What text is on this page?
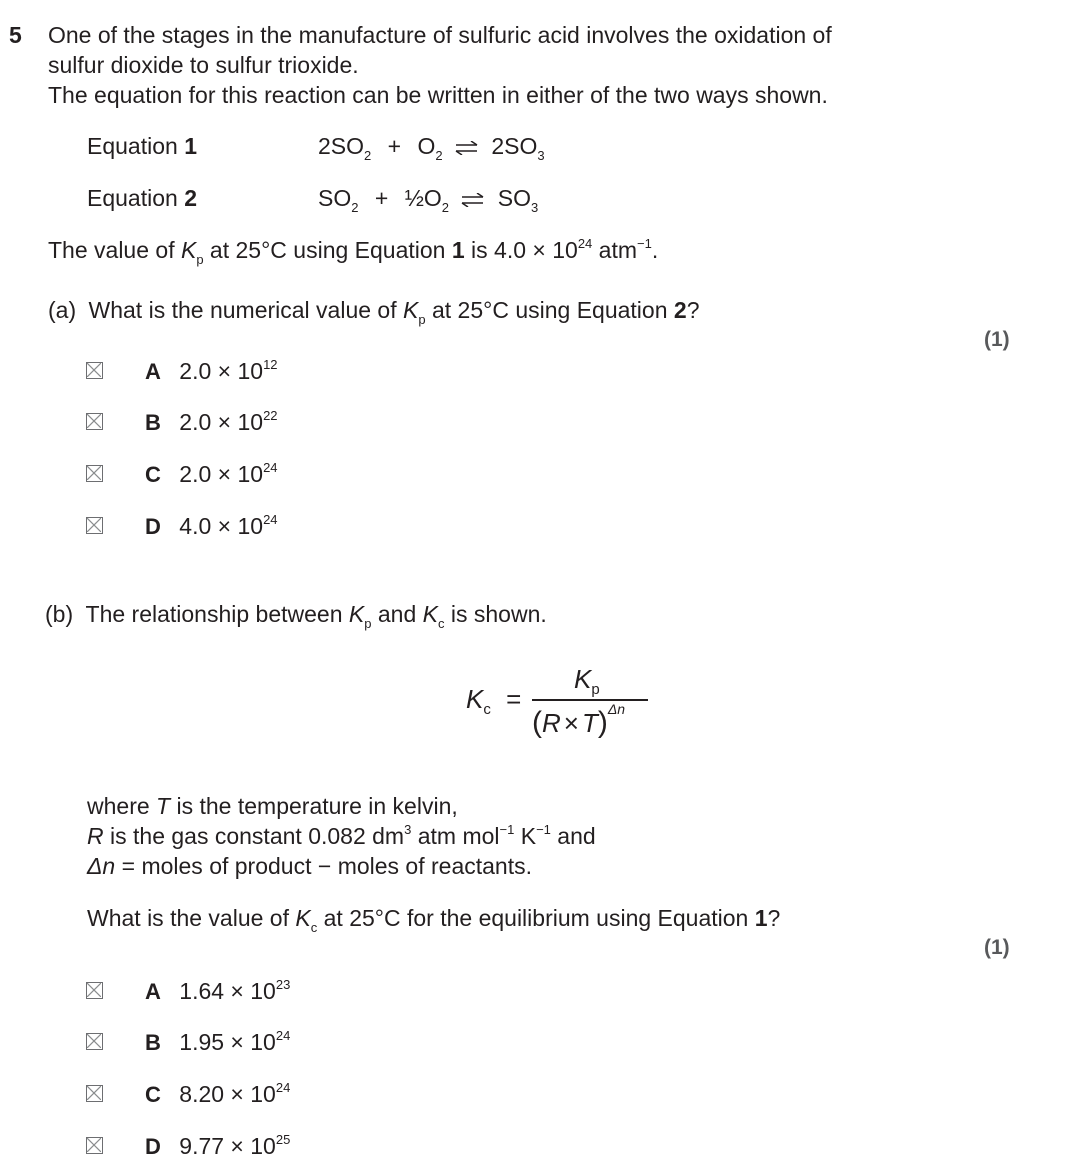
5 One of the stages in the manufacture of sulfuric acid involves the oxidation of
sulfur dioxide to sulfur trioxide.
The equation for this reaction can be written in either of the two ways shown.
Equation 1	$2SO_2 + O_2$ ⇌ $2SO_3$
Equation 2	$SO_2$ + $\frac{1}{2}O_2$ ⇌ $SO_3$
The value of $K_p$ at 25°C using Equation 1 is $4.0 \times 10^{24}$ atm$^{-1}$.
(a) What is the numerical value of $K_p$ at 25°C using Equation 2?
(1)
A $2.0 \times 10^{12}$
B $2.0 \times 10^{22}$
C $2.0 \times 10^{24}$
D $4.0 \times 10^{24}$
(b) The relationship between $K_p$ and $K_c$ is shown.
$K_c$ =
$K_p$
$(R \times T)^{\Delta n}$
where T is the temperature in kelvin,
R is the gas constant 0.082 $dm^3$ atm mol$^{-1}$ $K^{-1}$ and
Δn = moles of product − moles of reactants.
What is the value of $K_c$ at 25°C for the equilibrium using Equation 1?
(1)
A $1.64 \times 10^{23}$
B $1.95 \times 10^{24}$
C $8.20 \times 10^{24}$
D $9.77 \times 10^{25}$
